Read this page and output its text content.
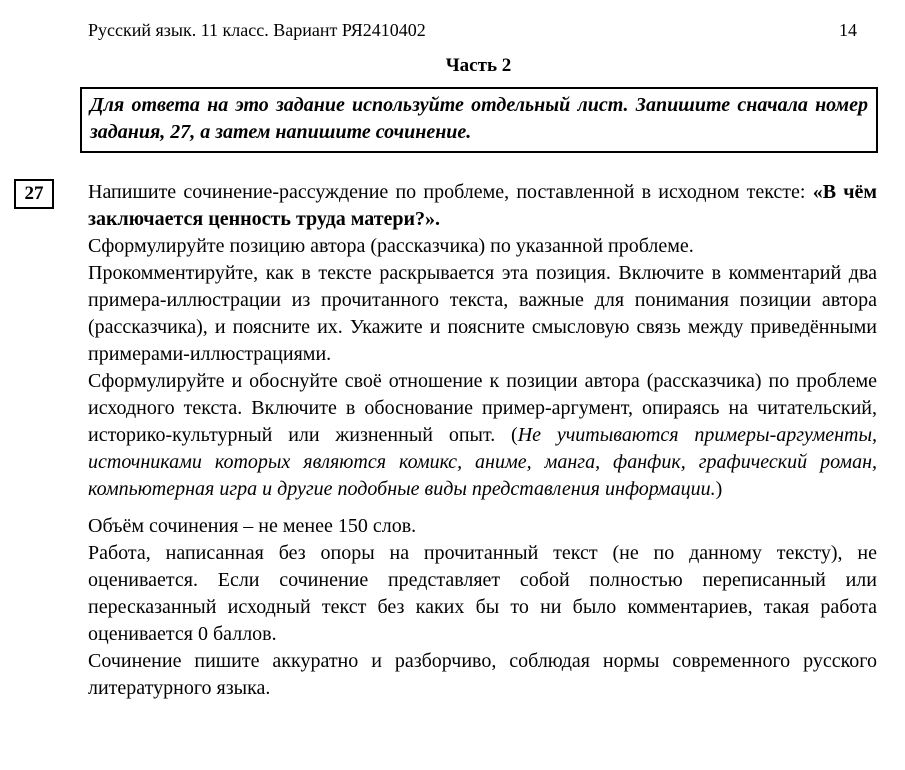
Русский язык. 11 класс. Вариант РЯ2410402	14
Часть 2
Для ответа на это задание используйте отдельный лист. Запишите сначала номер задания, 27, а затем напишите сочинение.
27 Напишите сочинение-рассуждение по проблеме, поставленной в исходном тексте: «В чём заключается ценность труда матери?».

Сформулируйте позицию автора (рассказчика) по указанной проблеме.

Прокомментируйте, как в тексте раскрывается эта позиция. Включите в комментарий два примера-иллюстрации из прочитанного текста, важные для понимания позиции автора (рассказчика), и поясните их. Укажите и поясните смысловую связь между приведёнными примерами-иллюстрациями.

Сформулируйте и обоснуйте своё отношение к позиции автора (рассказчика) по проблеме исходного текста. Включите в обоснование пример-аргумент, опираясь на читательский, историко-культурный или жизненный опыт. (Не учитываются примеры-аргументы, источниками которых являются комикс, аниме, манга, фанфик, графический роман, компьютерная игра и другие подобные виды представления информации.)

Объём сочинения – не менее 150 слов.

Работа, написанная без опоры на прочитанный текст (не по данному тексту), не оценивается. Если сочинение представляет собой полностью переписанный или пересказанный исходный текст без каких бы то ни было комментариев, такая работа оценивается 0 баллов.

Сочинение пишите аккуратно и разборчиво, соблюдая нормы современного русского литературного языка.
